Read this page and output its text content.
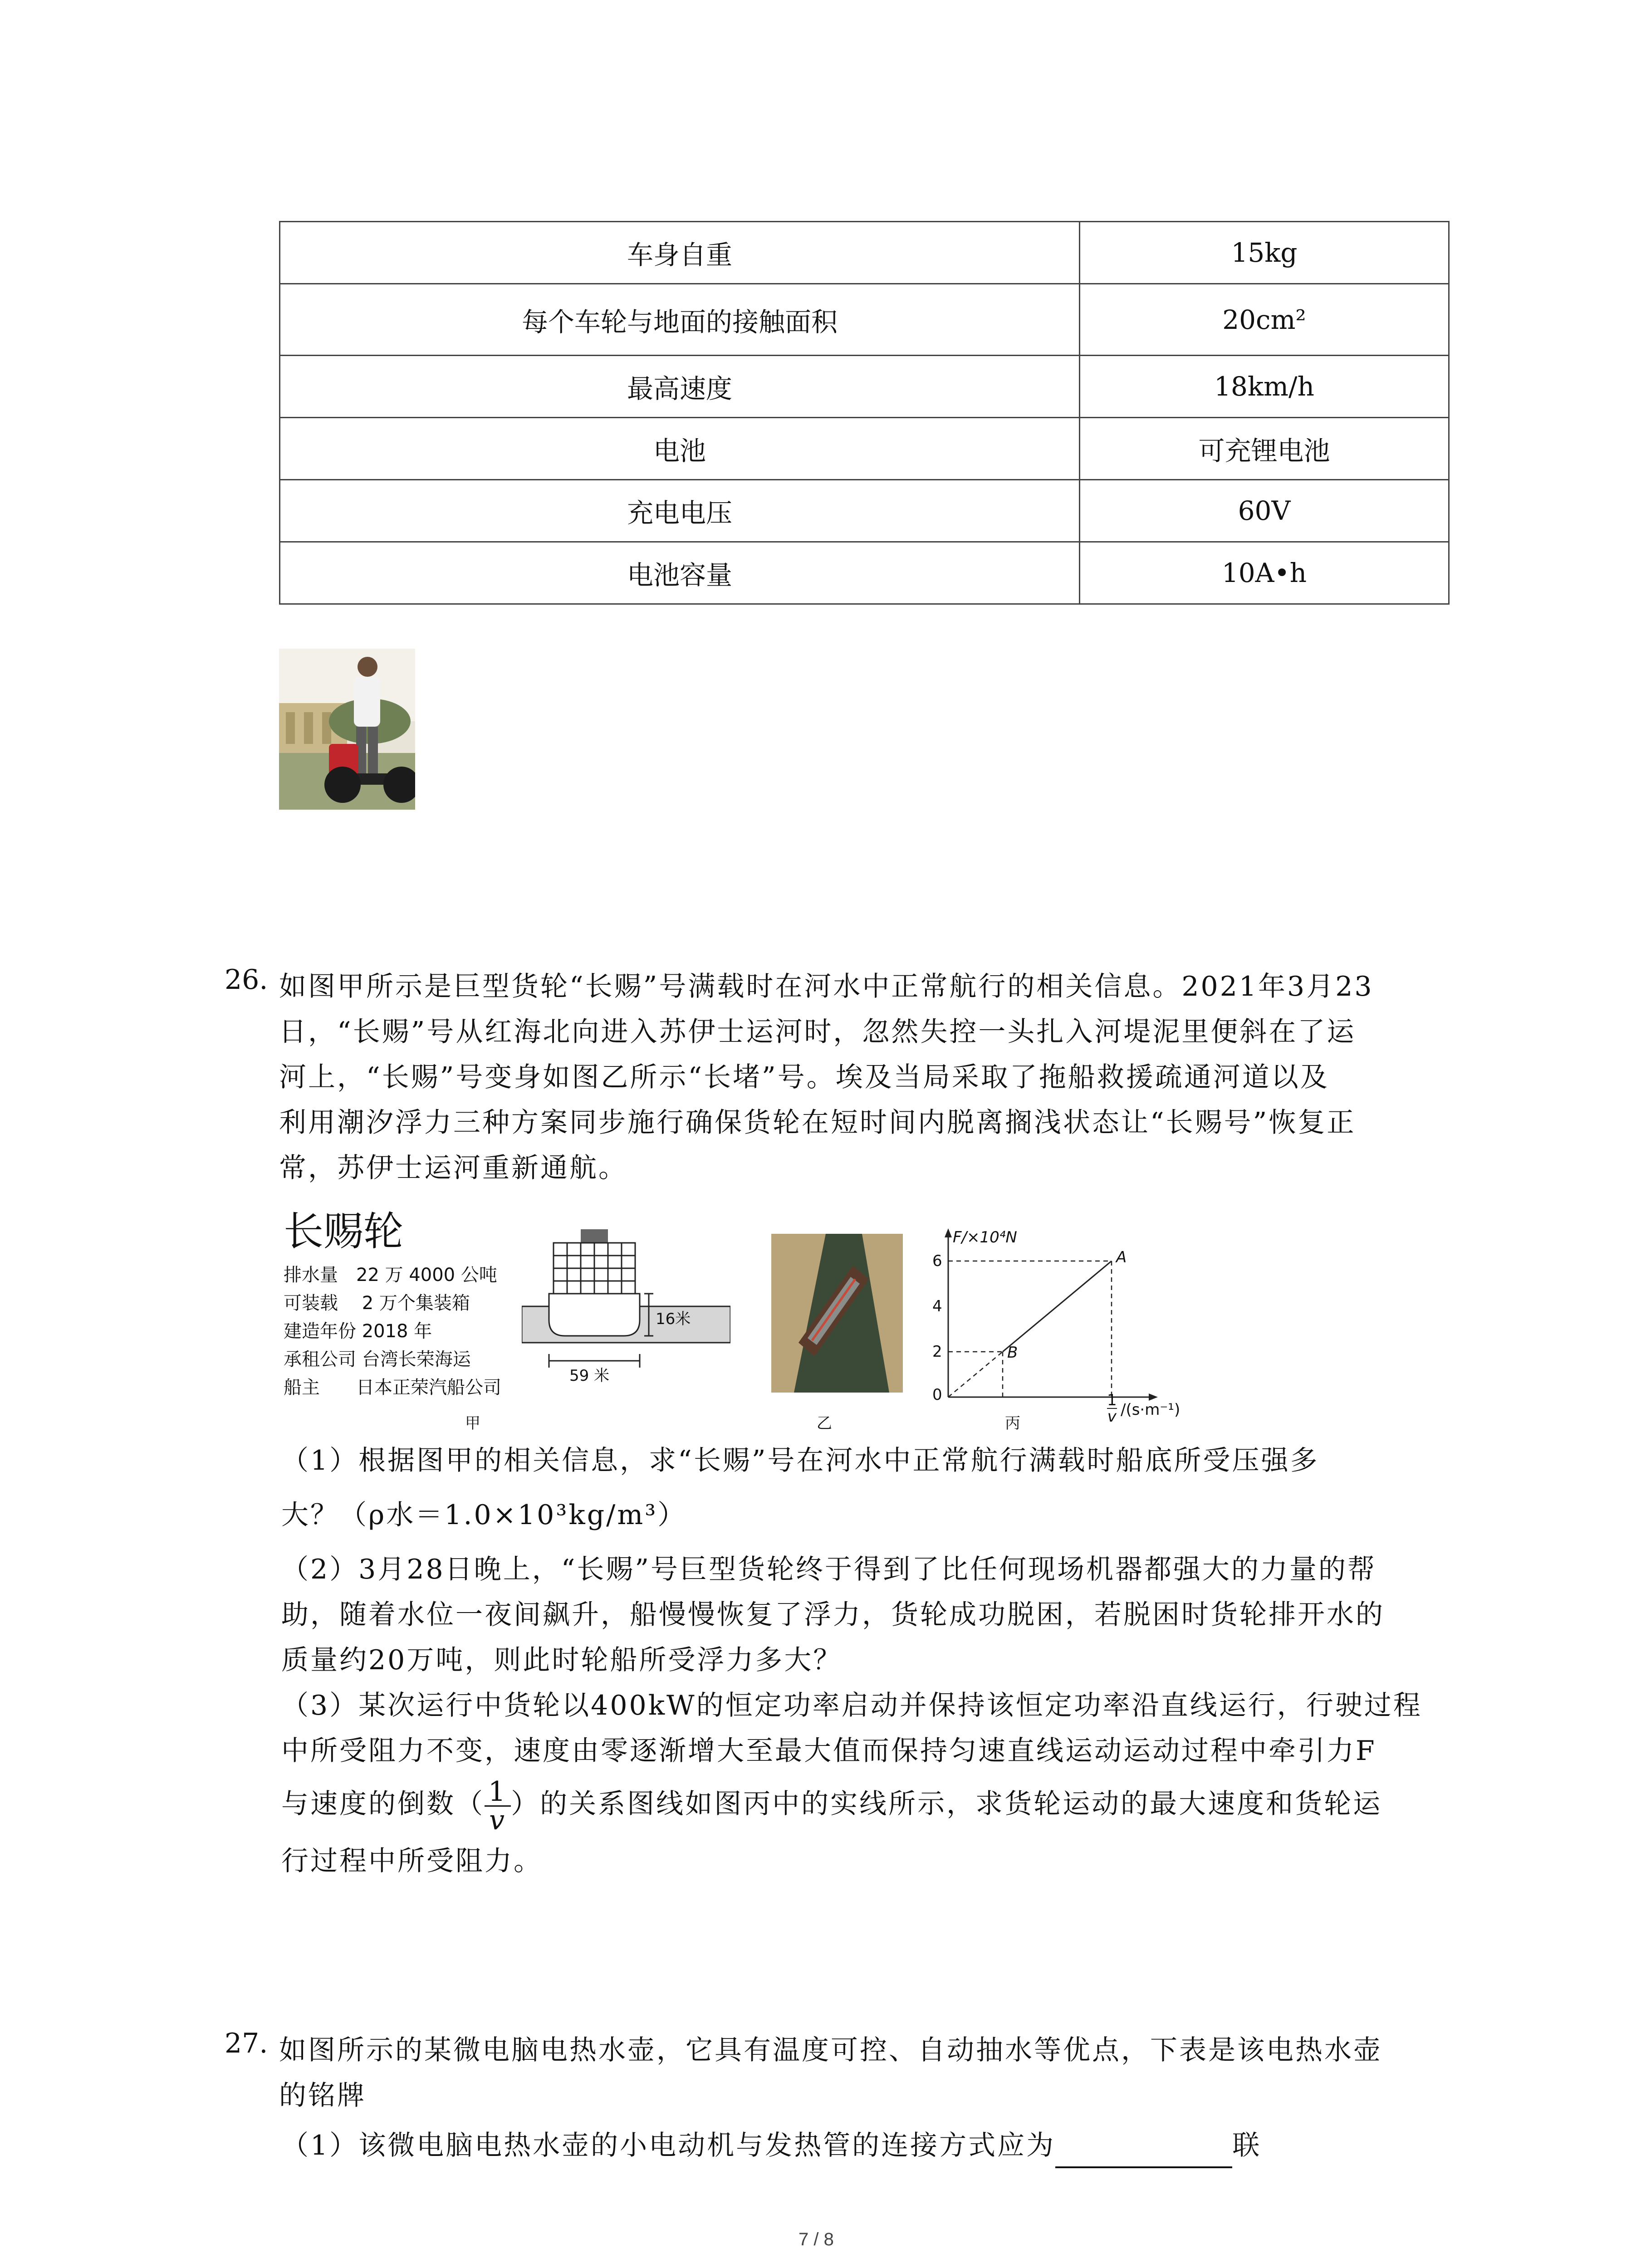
车身自重	15kg
每个车轮与地面的接触面积	20cm²
最高速度	18km/h
电池	可充锂电池
充电电压	60V
电池容量	10A•h
26. 如图甲所示是巨型货轮“长赐”号满载时在河水中正常航行的相关信息。2021年3月23
日，“长赐”号从红海北向进入苏伊士运河时，忽然失控一头扎入河堤泥里便斜在了运
河上，“长赐”号变身如图乙所示“长堵”号。埃及当局采取了拖船救援疏通河道以及
利用潮汐浮力三种方案同步施行确保货轮在短时间内脱离搁浅状态让“长赐号”恢复正
常，苏伊士运河重新通航。
长赐轮
排水量　22 万 4000 公吨
可装载　 2 万个集装箱
建造年份 2018 年
承租公司 台湾长荣海运
船主　　日本正荣汽船公司
16米
59 米
甲	乙
F/×10⁴N
6
4
2
0
A
B
丙	$\frac{1}{v} /(s\cdot m^{-1})$
（1）根据图甲的相关信息，求“长赐”号在河水中正常航行满载时船底所受压强多
大？（ρ水＝1.0×10³kg/m³）
（2）3月28日晚上，“长赐”号巨型货轮终于得到了比任何现场机器都强大的力量的帮
助，随着水位一夜间飙升，船慢慢恢复了浮力，货轮成功脱困，若脱困时货轮排开水的
质量约20万吨，则此时轮船所受浮力多大？
（3）某次运行中货轮以400kW的恒定功率启动并保持该恒定功率沿直线运行，行驶过程
中所受阻力不变，速度由零逐渐增大至最大值而保持匀速直线运动运动过程中牵引力F
与速度的倒数（ $\frac{1}{v}$ ）的关系图线如图丙中的实线所示，求货轮运动的最大速度和货轮运
行过程中所受阻力。
27. 如图所示的某微电脑电热水壶，它具有温度可控、自动抽水等优点，下表是该电热水壶
的铭牌
（1）该微电脑电热水壶的小电动机与发热管的连接方式应为	联
7 / 8
